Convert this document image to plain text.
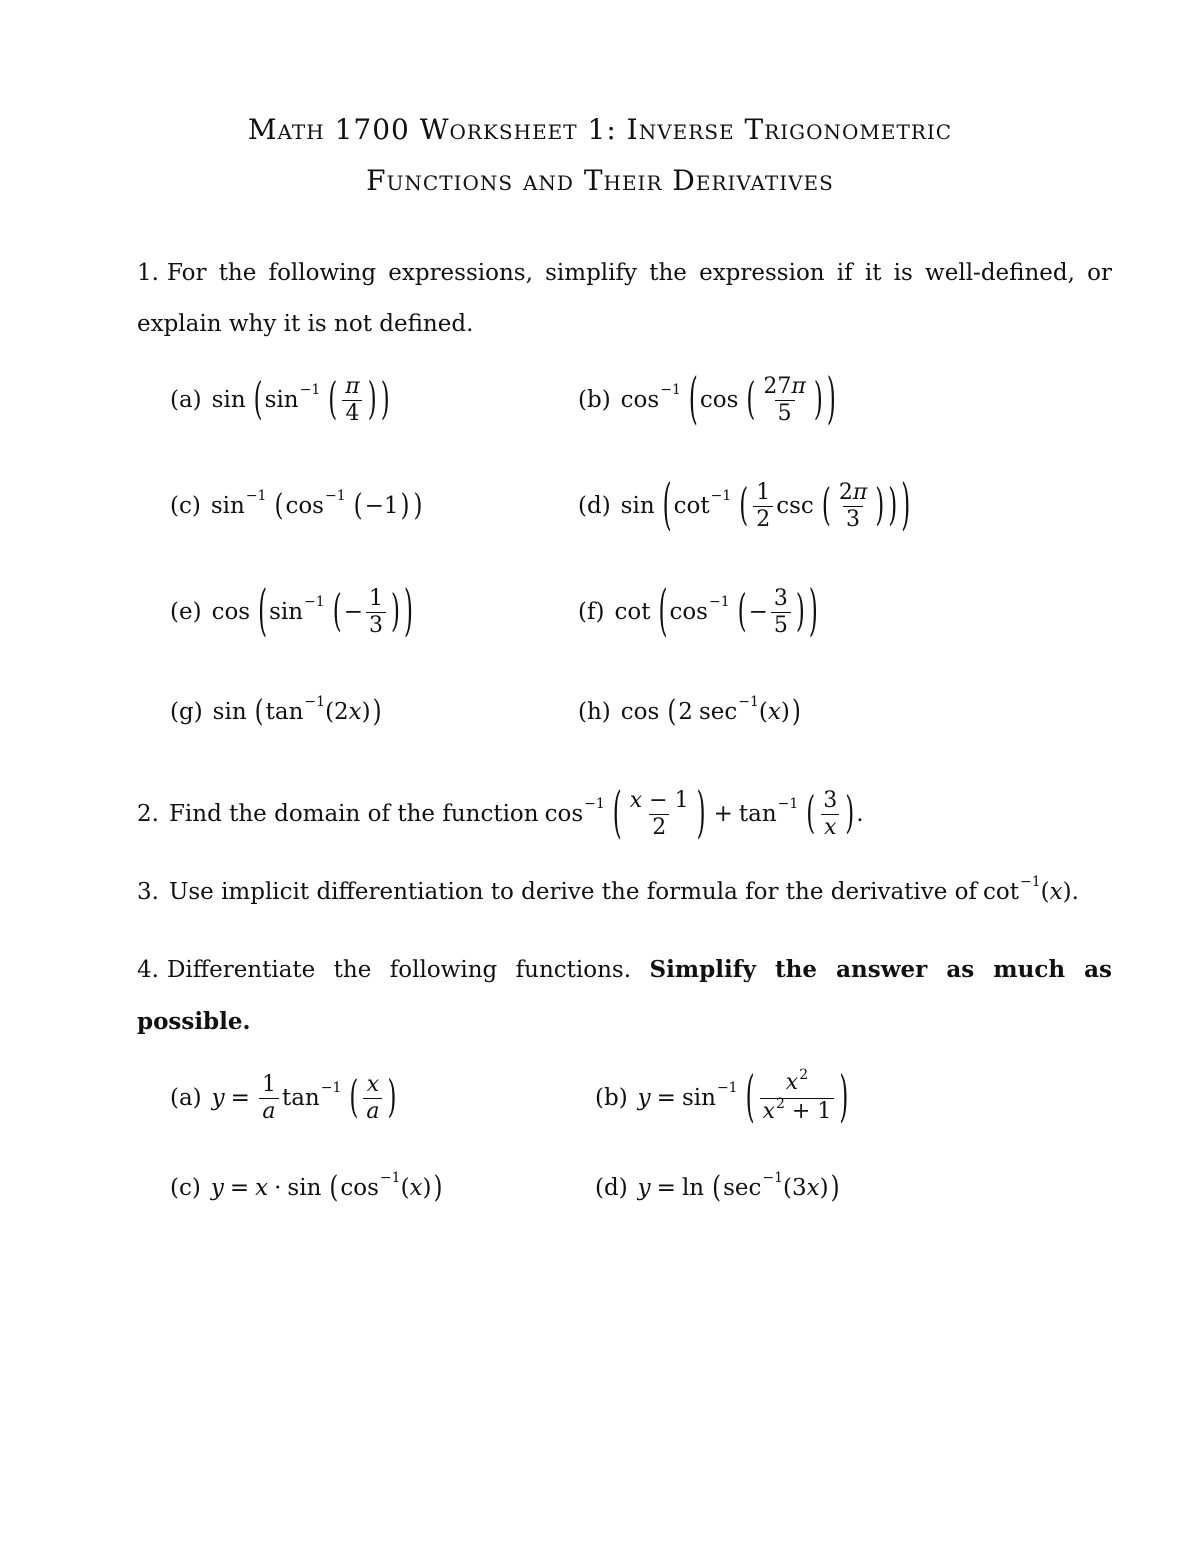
Math 1700 Worksheet 1: Inverse Trigonometric
Functions and Their Derivatives
1. For the following expressions, simplify the expression if it is well-defined, or explain why it is not defined.
(a) sin ( sin −1 ( $\frac{\pi}{4}$ ) )	(b) cos −1 ( cos ( $\frac{27\pi}{5}$ ) )
(c) sin −1 ( cos −1 ( −1 ) )	(d) sin ( cot −1 ( $\frac{1}{2}$ csc ( $\frac{2\pi}{3}$ ) ) )
(e) cos ( sin −1 ( − $\frac{1}{3}$ ) )	(f) cot ( cos −1 ( − $\frac{3}{5}$ ) )
(g) sin ( tan −1 (2 x ) )	(h) cos ( 2 sec −1 ( x ) )
2. Find the domain of the function cos −1 ( $\frac{x - 1}{2}$ ) + tan −1 ( $\frac{3}{x}$ ) .
3. Use implicit differentiation to derive the formula for the derivative of cot −1 ( x ).
4. Differentiate the following functions. Simplify the answer as much as possible.
(a) $y = \frac{1}{a}$ tan −1 ( $\frac{x}{a}$ )	(b) y = sin −1 ( $\frac{x^2}{x^2 + 1}$ )
(c) y = x · sin ( cos −1 ( x ) )	(d) y = ln ( sec −1 (3 x ) )
